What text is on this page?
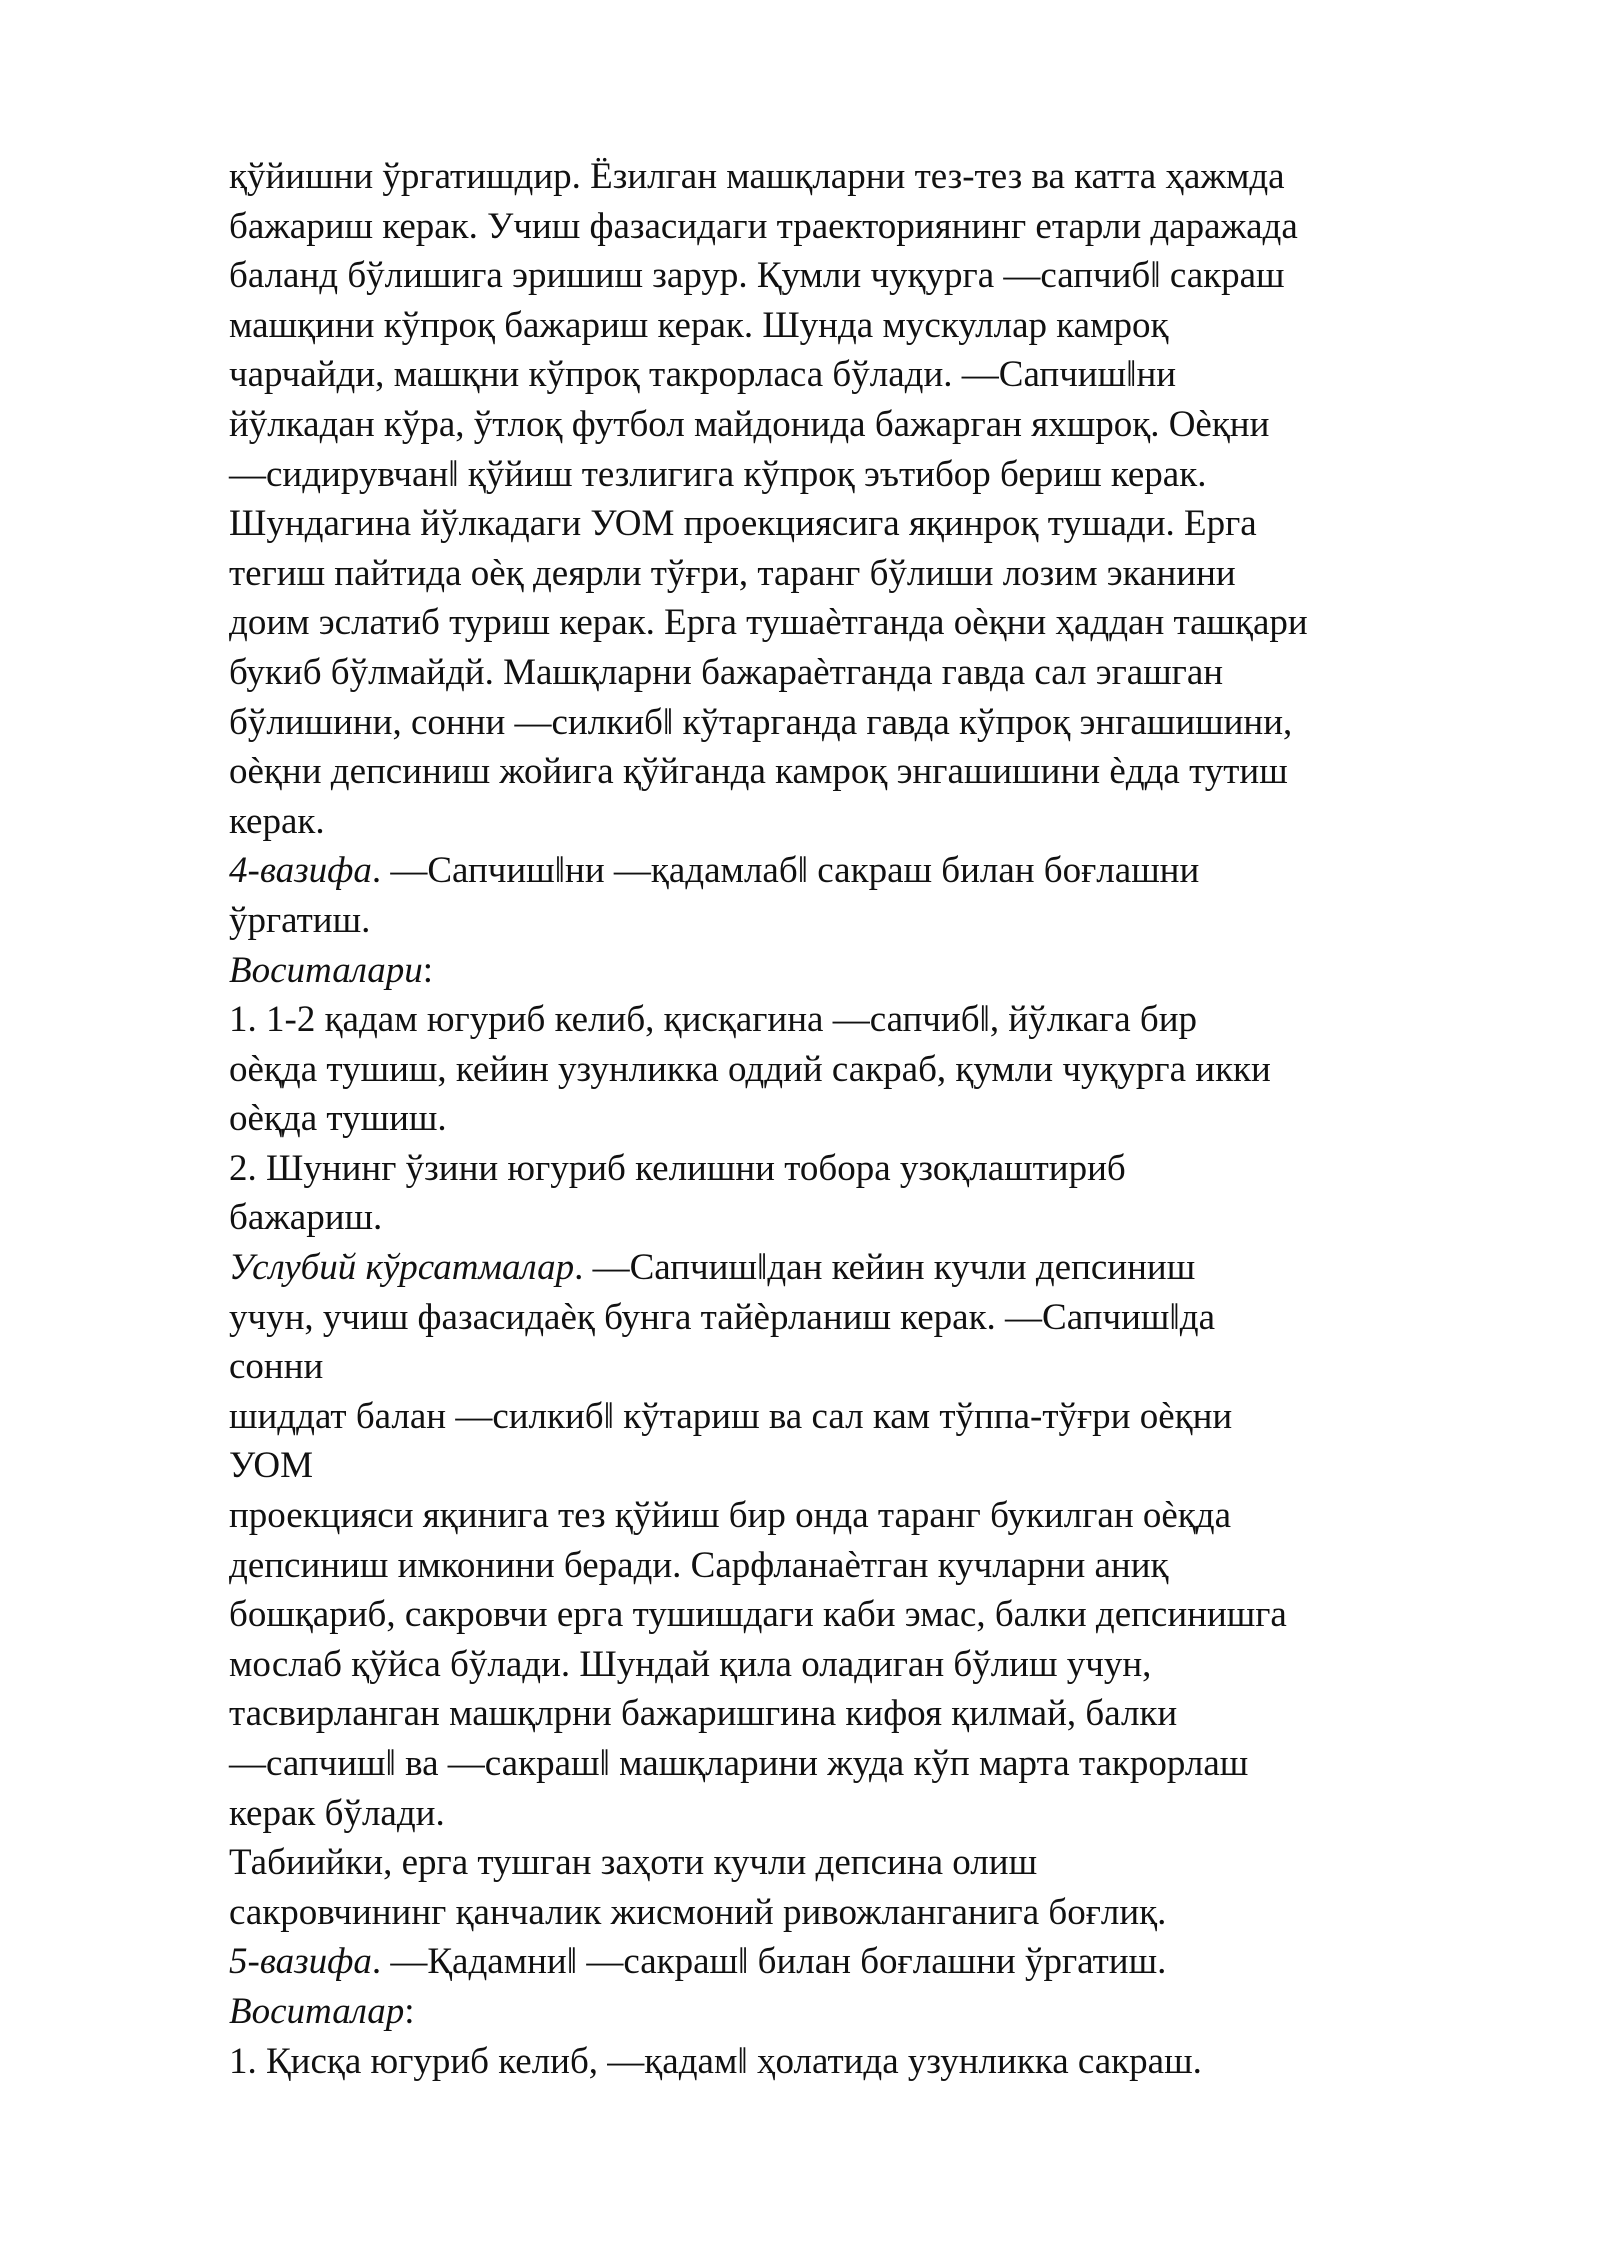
қўйишни ўргатишдир. Ёзилган машқларни тез-тез ва катта ҳажмда
бажариш керак. Учиш фазасидаги траекториянинг етарли даражада
баланд бўлишига эришиш зарур. Қумли чуқурга ―сапчиб‖ сакраш
машқини кўпроқ бажариш керак. Шунда мускуллар камроқ
чарчайди, машқни кўпроқ такрорласа бўлади. ―Сапчиш‖ни
йўлкадан кўра, ўтлоқ футбол майдонида бажарган яхшроқ. Оѐқни
―сидирувчан‖ қўйиш тезлигига кўпроқ эътибор бериш керак.
Шундагина йўлкадаги УОМ проекциясига яқинроқ тушади. Ерга
тегиш пайтида оѐқ деярли тўғри, таранг бўлиши лозим эканини
доим эслатиб туриш керак. Ерга тушаѐтганда оѐқни ҳаддан ташқари
букиб бўлмайдй. Машқларни бажараѐтганда гавда сал эгашган
бўлишини, сонни ―силкиб‖ кўтарганда гавда кўпроқ энгашишини,
оѐқни депсиниш жойига қўйганда камроқ энгашишини ѐдда тутиш
керак.
4-вазифа. ―Сапчиш‖ни ―қадамлаб‖ сакраш билан боғлашни
ўргатиш.
Воситалари:
1. 1-2 қадам югуриб келиб, қисқагина ―сапчиб‖, йўлкага бир
оѐқда тушиш, кейин узунликка оддий сакраб, қумли чуқурга икки
оѐқда тушиш.
2. Шунинг ўзини югуриб келишни тобора узоқлаштириб
бажариш.
Услубий кўрсатмалар. ―Сапчиш‖дан кейин кучли депсиниш
учун, учиш фазасидаѐқ бунга тайѐрланиш керак. ―Сапчиш‖да
сонни
шиддат балан ―силкиб‖ кўтариш ва сал кам тўппа-тўғри оѐқни
УОМ
проекцияси яқинига тез қўйиш бир онда таранг букилган оѐқда
депсиниш имконини беради. Сарфланаѐтган кучларни аниқ
бошқариб, сакровчи ерга тушишдаги каби эмас, балки депсинишга
мослаб қўйса бўлади. Шундай қила оладиган бўлиш учун,
тасвирланган машқлрни бажаришгина кифоя қилмай, балки
―сапчиш‖ ва ―сакраш‖ машқларини жуда кўп марта такрорлаш
керак бўлади.
Табиийки, ерга тушган заҳоти кучли депсина олиш
сакровчининг қанчалик жисмоний ривожланганига боғлиқ.
5-вазифа. ―Қадамни‖ ―сакраш‖ билан боғлашни ўргатиш.
Воситалар:
1. Қисқа югуриб келиб, ―қадам‖ ҳолатида узунликка сакраш.
